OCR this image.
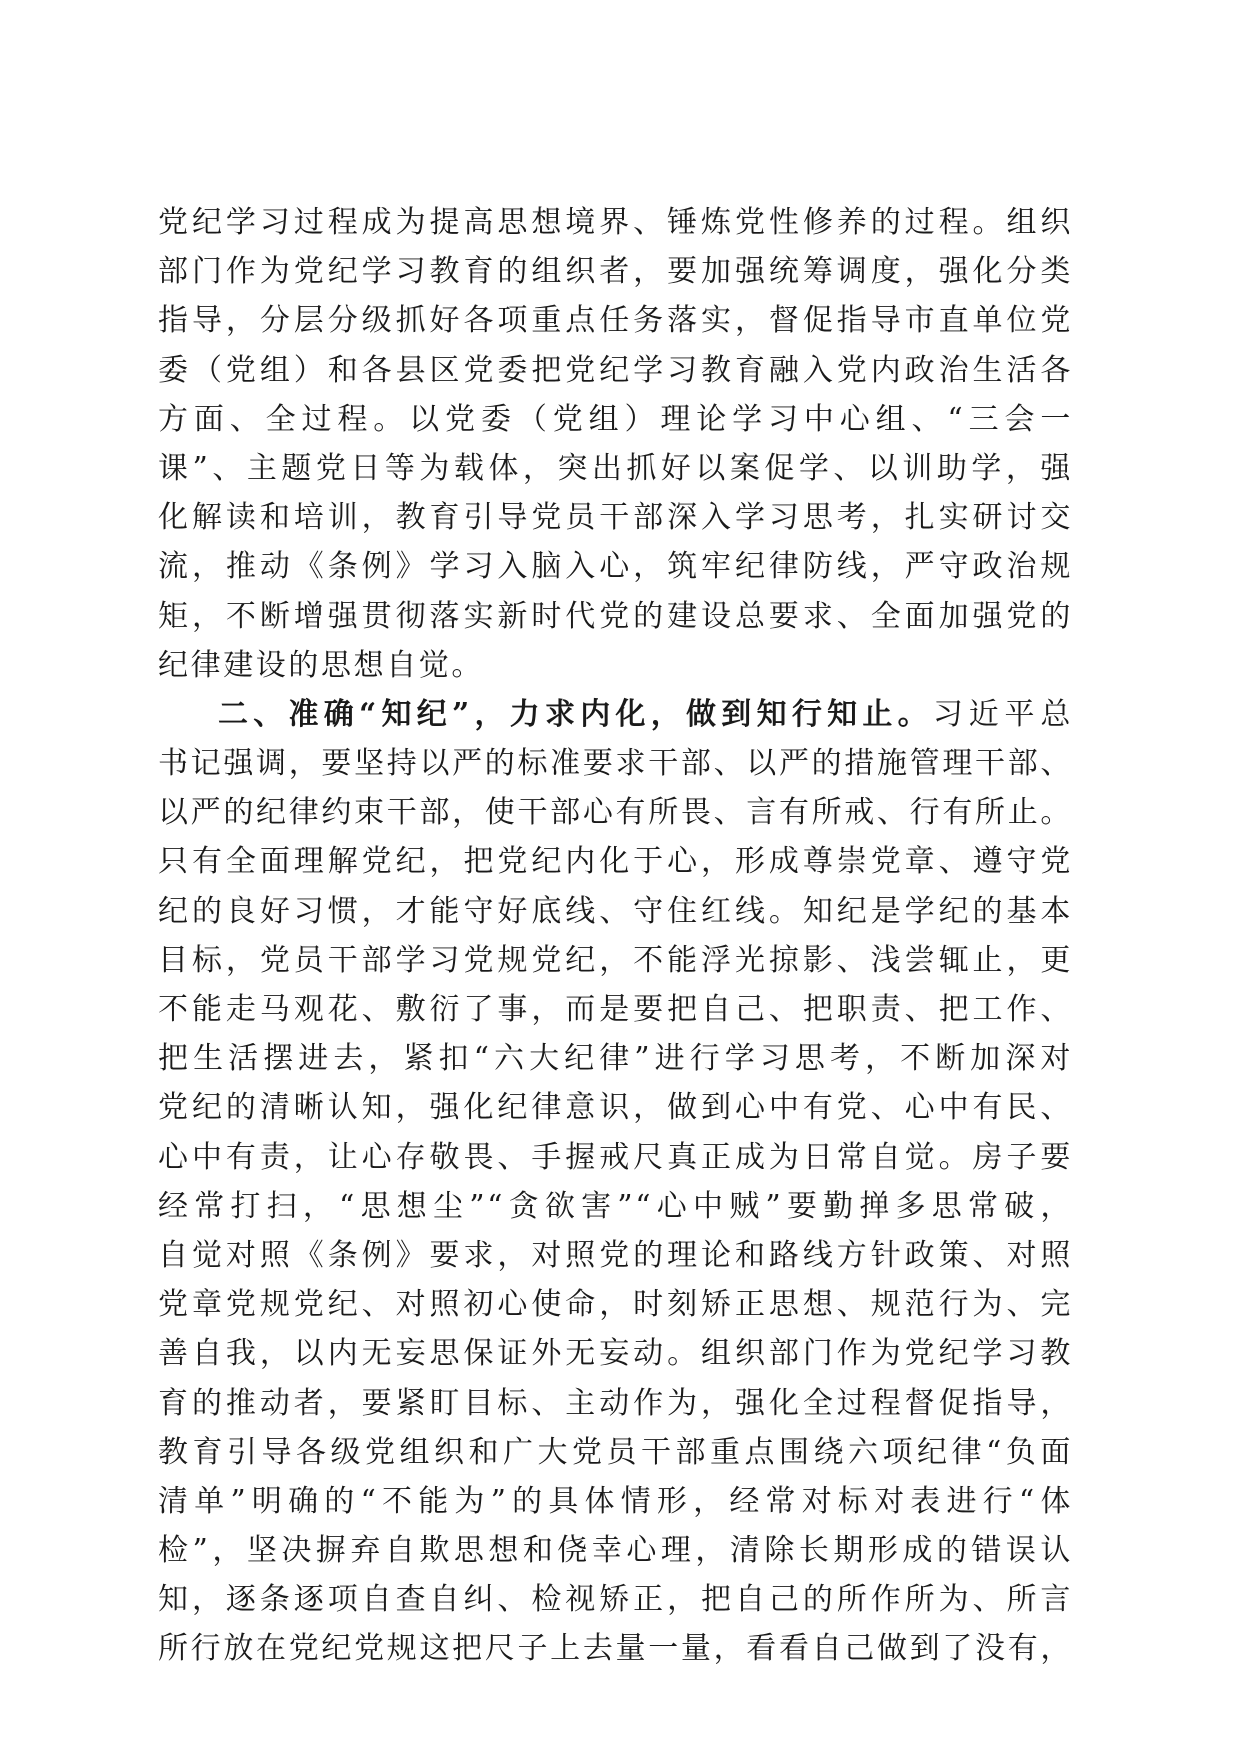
党纪学习过程成为提高思想境界、锤炼党性修养的过程。组织
部门作为党纪学习教育的组织者，要加强统筹调度，强化分类
指导，分层分级抓好各项重点任务落实，督促指导市直单位党
委（党组）和各县区党委把党纪学习教育融入党内政治生活各
方面、全过程。以党委（党组）理论学习中心组、“三会一
课”、主题党日等为载体，突出抓好以案促学、以训助学，强
化解读和培训，教育引导党员干部深入学习思考，扎实研讨交
流，推动《条例》学习入脑入心，筑牢纪律防线，严守政治规
矩，不断增强贯彻落实新时代党的建设总要求、全面加强党的
纪律建设的思想自觉。
二、准确“知纪”，力求内化，做到知行知止。习近平总
书记强调，要坚持以严的标准要求干部、以严的措施管理干部、
以严的纪律约束干部，使干部心有所畏、言有所戒、行有所止。
只有全面理解党纪，把党纪内化于心，形成尊崇党章、遵守党
纪的良好习惯，才能守好底线、守住红线。知纪是学纪的基本
目标，党员干部学习党规党纪，不能浮光掠影、浅尝辄止，更
不能走马观花、敷衍了事，而是要把自己、把职责、把工作、
把生活摆进去，紧扣“六大纪律”进行学习思考，不断加深对
党纪的清晰认知，强化纪律意识，做到心中有党、心中有民、
心中有责，让心存敬畏、手握戒尺真正成为日常自觉。房子要
经常打扫，“思想尘”“贪欲害”“心中贼”要勤掸多思常破，
自觉对照《条例》要求，对照党的理论和路线方针政策、对照
党章党规党纪、对照初心使命，时刻矫正思想、规范行为、完
善自我，以内无妄思保证外无妄动。组织部门作为党纪学习教
育的推动者，要紧盯目标、主动作为，强化全过程督促指导，
教育引导各级党组织和广大党员干部重点围绕六项纪律“负面
清单”明确的“不能为”的具体情形，经常对标对表进行“体
检”，坚决摒弃自欺思想和侥幸心理，清除长期形成的错误认
知，逐条逐项自查自纠、检视矫正，把自己的所作所为、所言
所行放在党纪党规这把尺子上去量一量，看看自己做到了没有，
